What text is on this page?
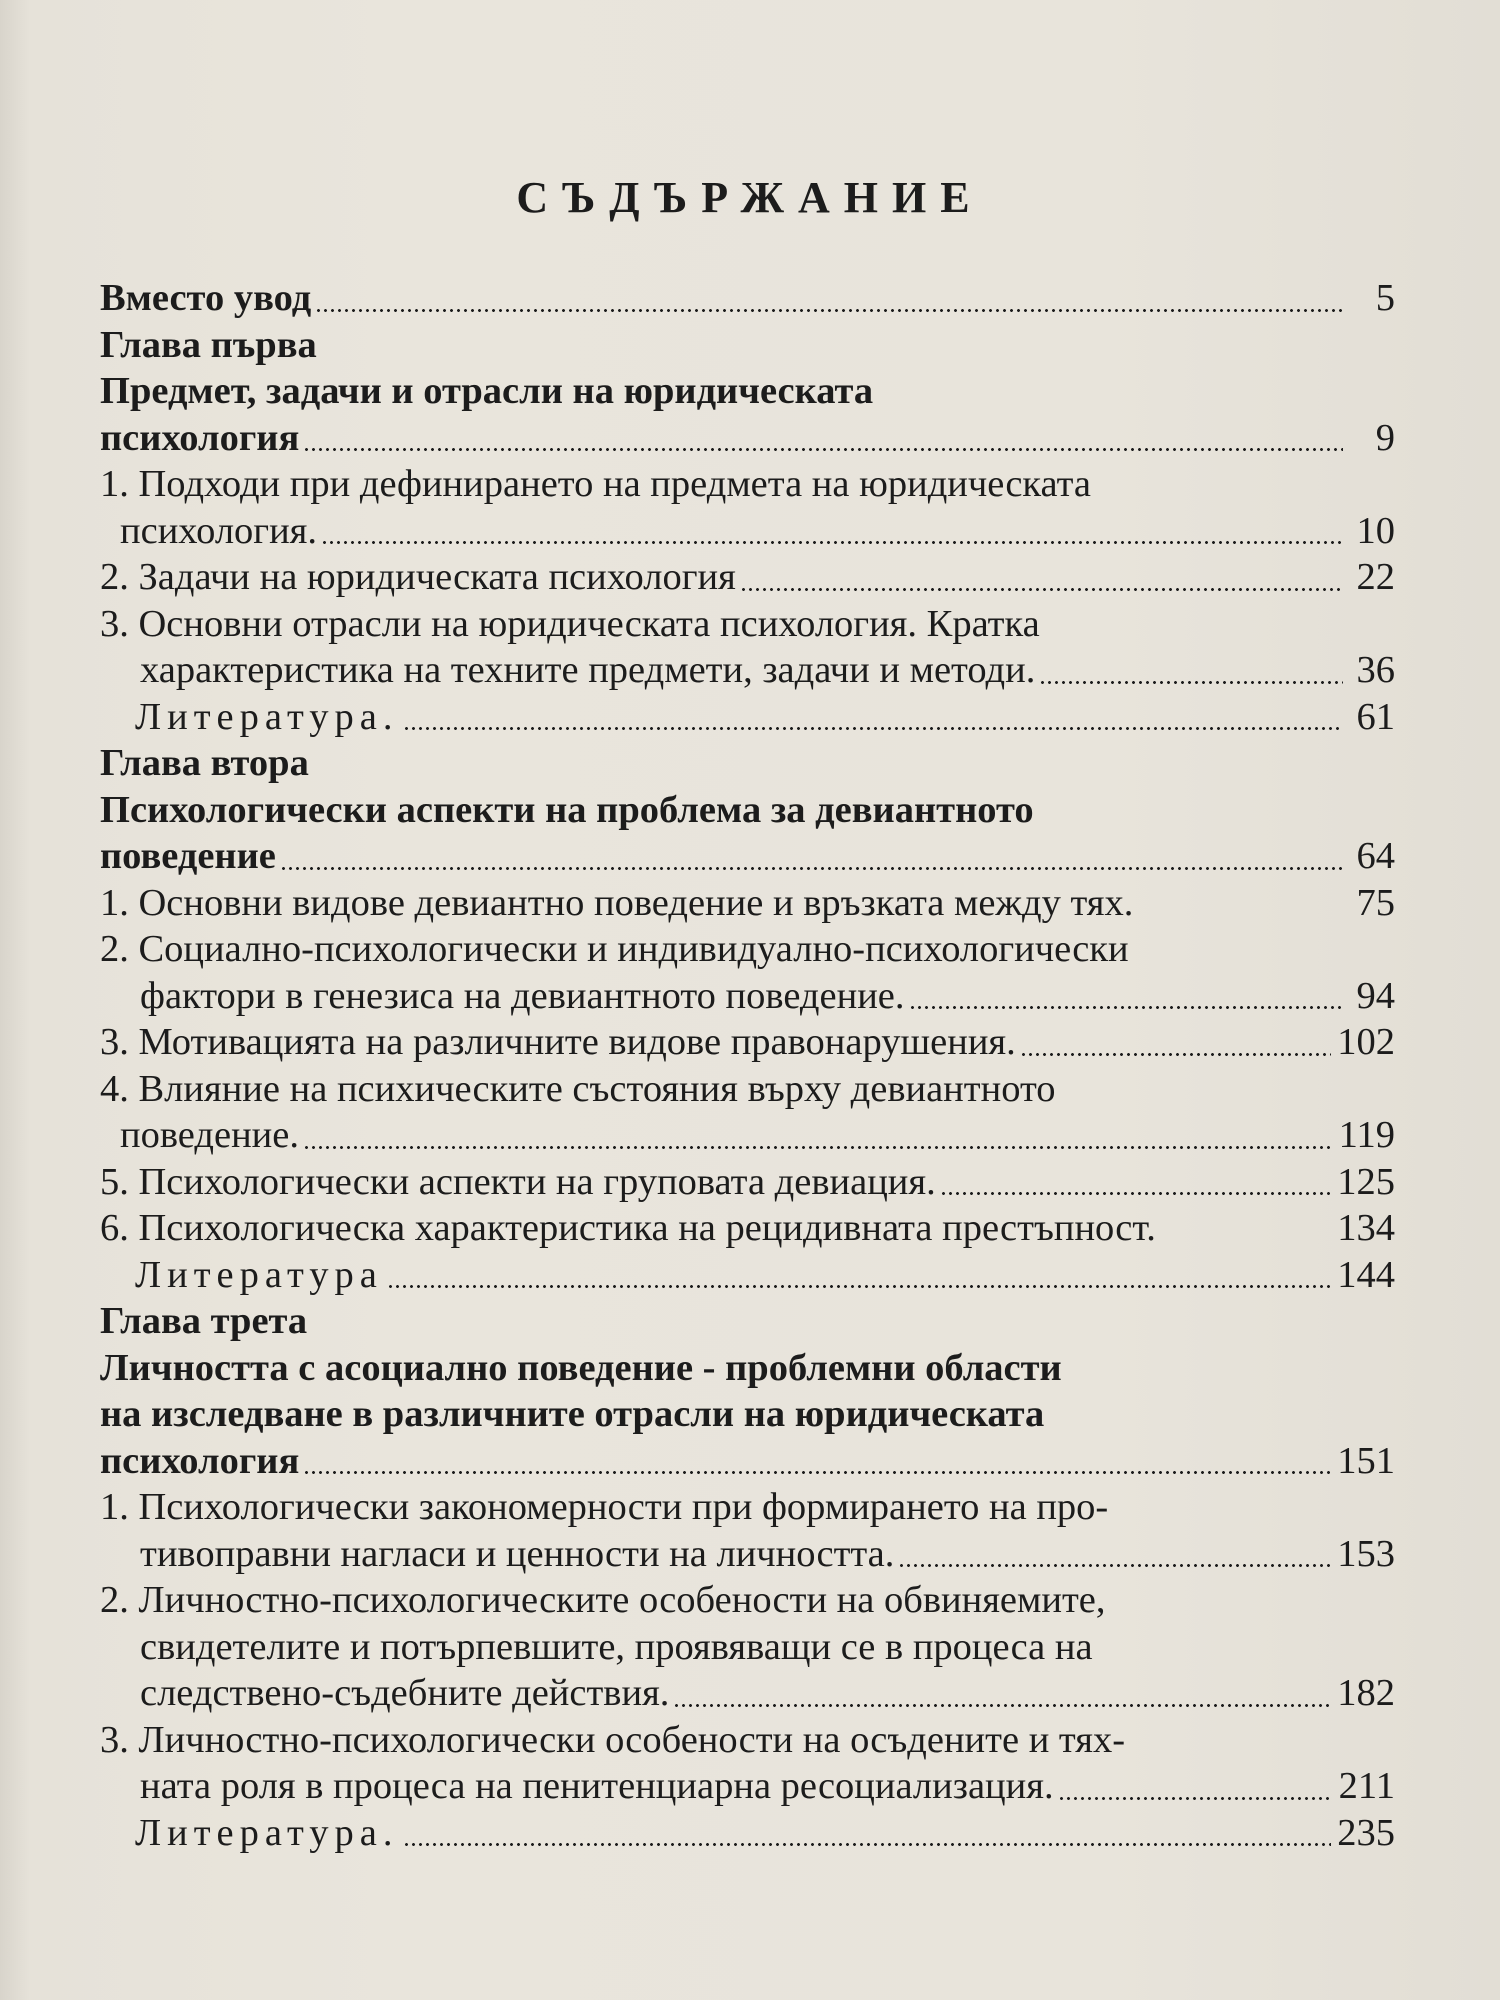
СЪДЪРЖАНИЕ
Вместо увод	5
Глава първа
Предмет, задачи и отрасли на юридическата
психология	9
1. Подходи при дефинирането на предмета на юридическата
психология.	10
2. Задачи на юридическата психология	22
3. Основни отрасли на юридическата психология. Кратка
характеристика на техните предмети, задачи и методи.	36
Литература.	61
Глава втора
Психологически аспекти на проблема за девиантното
поведение	64
1. Основни видове девиантно поведение и връзката между тях.	75
2. Социално-психологически и индивидуално-психологически
фактори в генезиса на девиантното поведение.	94
3. Мотивацията на различните видове правонарушения.	102
4. Влияние на психическите състояния върху девиантното
поведение.	119
5. Психологически аспекти на груповата девиация.	125
6. Психологическа характеристика на рецидивната престъпност.	134
Литература	144
Глава трета
Личността с асоциално поведение - проблемни области
на изследване в различните отрасли на юридическата
психология	151
1. Психологически закономерности при формирането на про-
тивоправни нагласи и ценности на личността.	153
2. Личностно-психологическите особености на обвиняемите,
свидетелите и потърпевшите, проявяващи се в процеса на
следствено-съдебните действия.	182
3. Личностно-психологически особености на осъдените и тях-
ната роля в процеса на пенитенциарна ресоциализация.	211
Литература.	235
